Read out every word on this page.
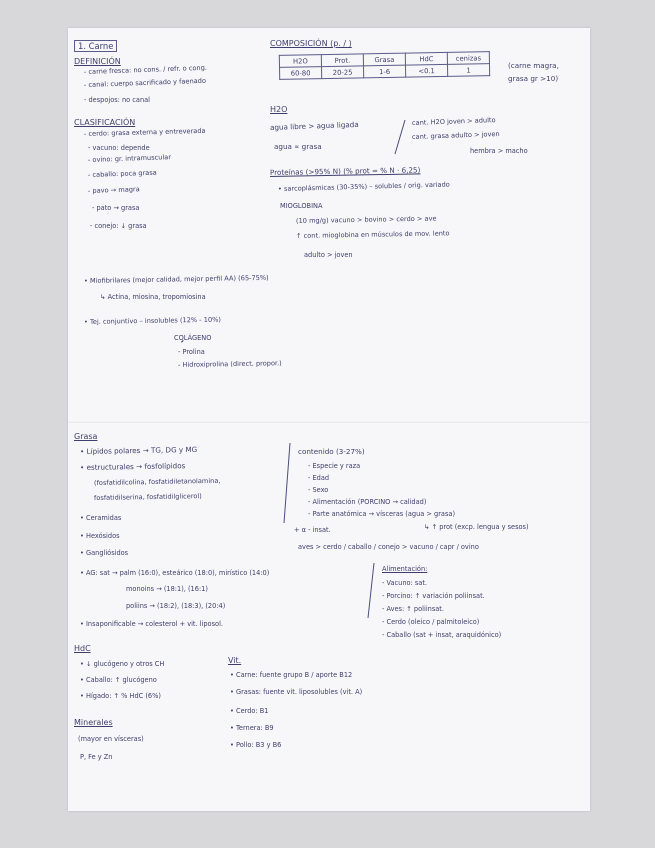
1. Carne
DEFINICIÓN
- carne fresca: no cons. / refr. o cong.
- canal: cuerpo sacrificado y faenado
- despojos: no canal
CLASIFICACIÓN
- cerdo: grasa externa y entreverada
- vacuno: depende
- ovino: gr. intramuscular
- caballo: poca grasa
- pavo → magra
- pato → grasa
- conejo: ↓ grasa
COMPOSICIÓN (p. / )
H2O	Prot.	Grasa	HdC	cenizas
60-80	20-25	1-6	<0.1	1
(carne magra,
grasa gr >10)
H2O
agua libre > agua ligada
agua ∝ grasa
cant. H2O joven > adulto
cant. grasa adulto > joven
hembra > macho
Proteínas (>95% N) (% prot = % N · 6,25)
• sarcoplásmicas (30-35%) – solubles / orig. variado
MIOGLOBINA
(10 mg/g) vacuno > bovino > cerdo > ave
↑ cont. mioglobina en músculos de mov. lento
adulto > joven
• Miofibrilares (mejor calidad, mejor perfil AA) (65-75%)
↳ Actina, miosina, tropomiosina
• Tej. conjuntivo – insolubles (12% - 10%)
COLÁGENO
- Prolina
- Hidroxiprolina (direct. propor.)
Grasa
• Lípidos polares → TG, DG y MG
• estructurales → fosfolípidos
(fosfatidilcolina, fosfatidiletanolamina,
fosfatidilserina, fosfatidilglicerol)
• Ceramidas
• Hexósidos
• Gangliósidos
• AG: sat → palm (16:0), esteárico (18:0), mirístico (14:0)
monoins → (18:1), (16:1)
poliins → (18:2), (18:3), (20:4)
• Insaponificable → colesterol + vit. liposol.
contenido (3-27%)
- Especie y raza
- Edad
- Sexo
- Alimentación (PORCINO → calidad)
- Parte anatómica → vísceras (agua > grasa)
↳ ↑ prot (excp. lengua y sesos)
+ α - insat.
aves > cerdo / caballo / conejo > vacuno / capr / ovino
Alimentación:
- Vacuno: sat.
- Porcino: ↑ variación poliinsat.
- Aves: ↑ poliinsat.
- Cerdo (oleico / palmitoleico)
- Caballo (sat + insat, araquidónico)
HdC
• ↓ glucógeno y otros CH
• Caballo: ↑ glucógeno
• Hígado: ↑ % HdC (6%)
Minerales
(mayor en vísceras)
P, Fe y Zn
Vit.
• Carne: fuente grupo B / aporte B12
• Grasas: fuente vit. liposolubles (vit. A)
• Cerdo: B1
• Ternera: B9
• Pollo: B3 y B6
